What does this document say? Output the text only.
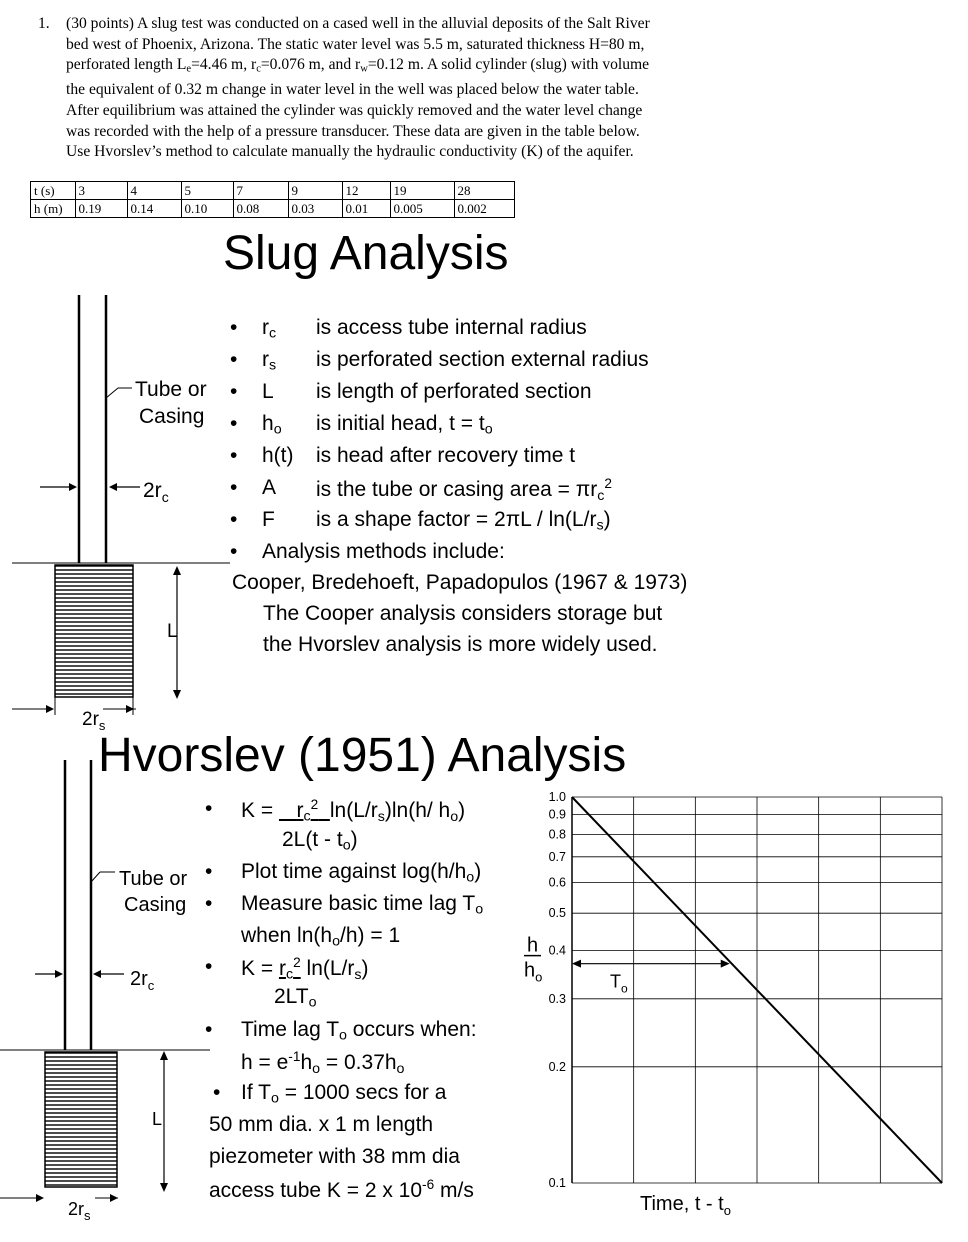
1. (30 points) A slug test was conducted on a cased well in the alluvial deposits of the Salt River
bed west of Phoenix, Arizona. The static water level was 5.5 m, saturated thickness H=80 m,
perforated length $L_e=4.46$ m, $r_c=0.076$ m, and $r_w=0.12$ m. A solid cylinder (slug) with volume
the equivalent of 0.32 m change in water level in the well was placed below the water table.
After equilibrium was attained the cylinder was quickly removed and the water level change
was recorded with the help of a pressure transducer. These data are given in the table below.
Use Hvorslev’s method to calculate manually the hydraulic conductivity (K) of the aquifer.
t (s)	3	4	5	7	9	12	19	28
h (m)	0.19	0.14	0.10	0.08	0.03	0.01	0.005	0.002
Slug Analysis
Tube or
Casing
$2r_c$
L
$2r_s$
• $r_c$ is access tube internal radius
• $r_s$ is perforated section external radius
• L is length of perforated section
• $h_o$ is initial head, $t = t_o$
• h(t) is head after recovery time t
• A is the tube or casing area = $\pi r_c^2$
• F is a shape factor = $2\pi L / \ln(L/r_s)$
• Analysis methods include:
Cooper, Bredehoeft, Papadopulos (1967 & 1973)
The Cooper analysis considers storage but
the Hvorslev analysis is more widely used.
Hvorslev (1951) Analysis
Tube or
Casing
$2r_c$
L
$2r_s$
• K =    $r_c^2$ $\ln(L/r_s)\ln(h/$ $h_o$)
$2L(t - t_o)$
• Plot time against $\log(h/h_o)$
• Measure basic time lag $T_o$
when $\ln(h_o/h) = 1$
• $K = r_c^2$ $\ln(L/r_s)$
$2LT_o$
• Time lag $T_o$ occurs when:
$h = e^{-1}h_o = 0.37h_o$
• If $T_o = 1000$ secs for a
50 mm dia. x 1 m length
piezometer with 38 mm dia
access tube K = 2 x $10^{-6}$ m/s
1.0
0.9
0.8
0.7
0.6
0.5
0.4
0.3
0.2
0.1
$T_o$
h
$h_o$
Time, t - $t_o$
